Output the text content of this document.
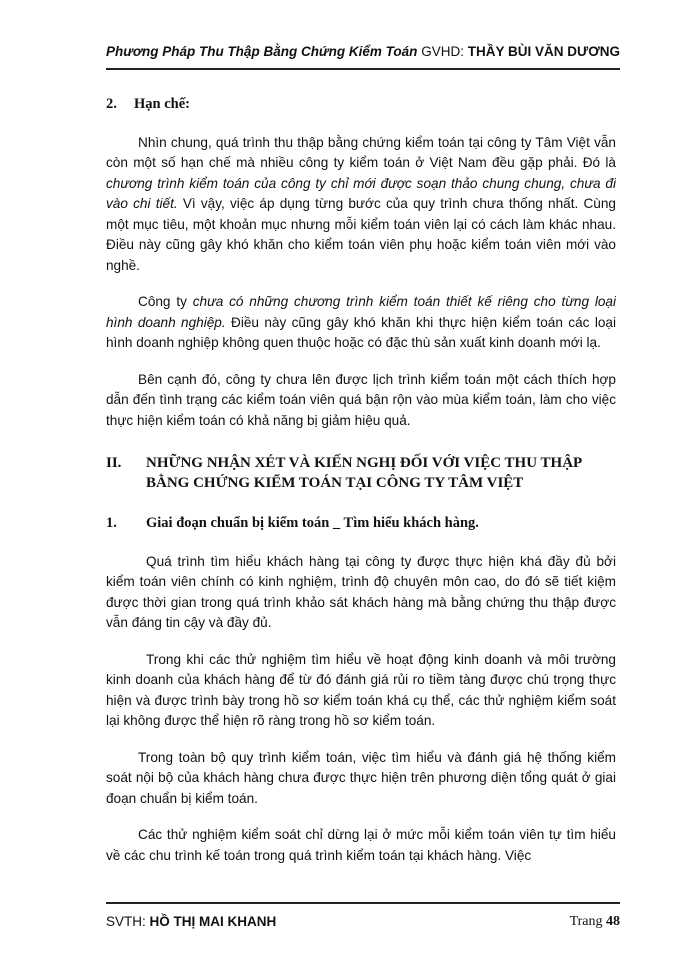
Phương Pháp Thu Thập Bằng Chứng Kiểm Toán GVHD: THẦY BÙI VĂN DƯƠNG
2. Hạn chế:

Nhìn chung, quá trình thu thập bằng chứng kiểm toán tại công ty Tâm Việt vẫn còn một số hạn chế mà nhiều công ty kiểm toán ở Việt Nam đều gặp phải. Đó là chương trình kiểm toán của công ty chỉ mới được soạn thảo chung chung, chưa đi vào chi tiết. Vì vậy, việc áp dụng từng bước của quy trình chưa thống nhất. Cùng một mục tiêu, một khoản mục nhưng mỗi kiểm toán viên lại có cách làm khác nhau. Điều này cũng gây khó khăn cho kiểm toán viên phụ hoặc kiểm toán viên mới vào nghề.

Công ty chưa có những chương trình kiểm toán thiết kế riêng cho từng loại hình doanh nghiệp. Điều này cũng gây khó khăn khi thực hiện kiểm toán các loại hình doanh nghiệp không quen thuộc hoặc có đặc thù sản xuất kinh doanh mới lạ.

Bên cạnh đó, công ty chưa lên được lịch trình kiểm toán một cách thích hợp dẫn đến tình trạng các kiểm toán viên quá bận rộn vào mùa kiểm toán, làm cho việc thực hiện kiểm toán có khả năng bị giảm hiệu quả.

II.	NHỮNG NHẬN XÉT VÀ KIẾN NGHỊ ĐỐI VỚI VIỆC THU THẬP BẰNG CHỨNG KIỂM TOÁN TẠI CÔNG TY TÂM VIỆT
1. Giai đoạn chuẩn bị kiểm toán _ Tìm hiểu khách hàng.

Quá trình tìm hiểu khách hàng tại công ty được thực hiện khá đầy đủ bởi kiểm toán viên chính có kinh nghiệm, trình độ chuyên môn cao, do đó sẽ tiết kiệm được thời gian trong quá trình khảo sát khách hàng mà bằng chứng thu thập được vẫn đáng tin cậy và đầy đủ.

Trong khi các thử nghiệm tìm hiểu về hoạt động kinh doanh và môi trường kinh doanh của khách hàng để từ đó đánh giá rủi ro tiềm tàng được chú trọng thực hiện và được trình bày trong hồ sơ kiểm toán khá cụ thể, các thử nghiệm kiểm soát lại không được thể hiện rõ ràng trong hồ sơ kiểm toán.

Trong toàn bộ quy trình kiểm toán, việc tìm hiểu và đánh giá hệ thống kiểm soát nội bộ của khách hàng chưa được thực hiện trên phương diện tổng quát ở giai đoạn chuẩn bị kiểm toán.

Các thử nghiệm kiểm soát chỉ dừng lại ở mức mỗi kiểm toán viên tự tìm hiểu về các chu trình kế toán trong quá trình kiểm toán tại khách hàng. Việc

SVTH: HỒ THỊ MAI KHANH	Trang 48
